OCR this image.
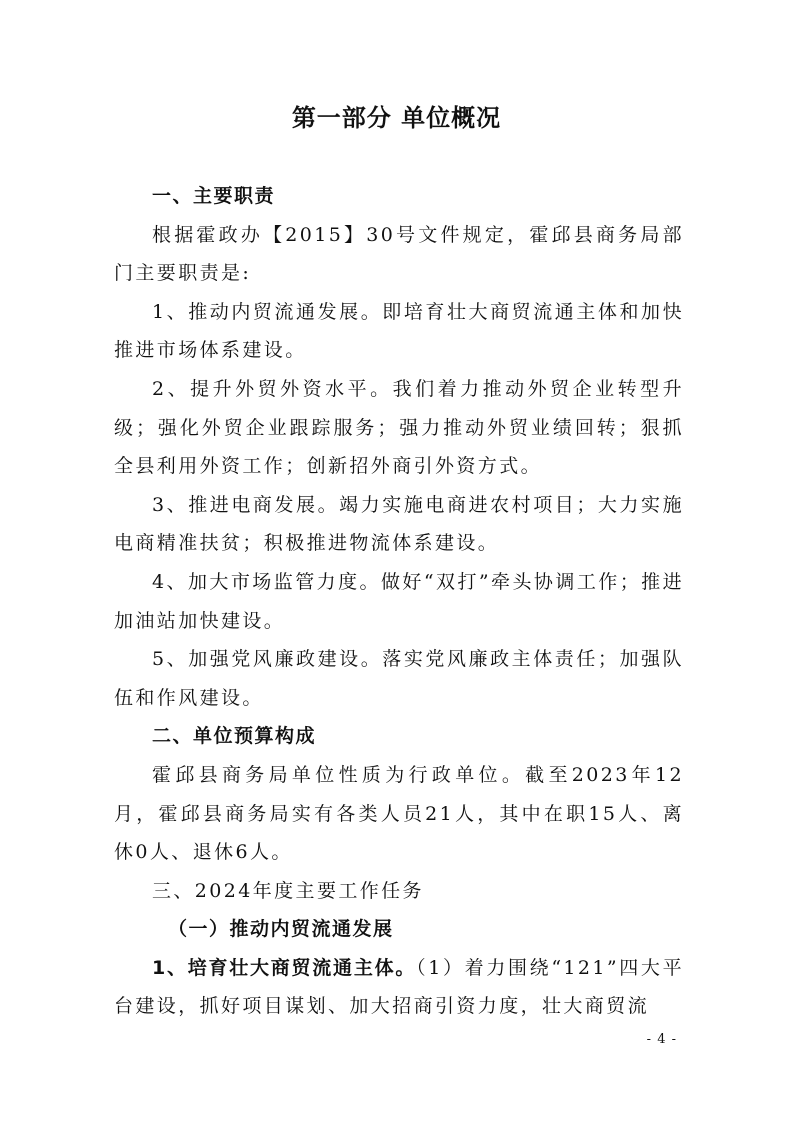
第一部分 单位概况

一、主要职责

根据霍政办【2015】30号文件规定，霍邱县商务局部门主要职责是:

1、推动内贸流通发展。即培育壮大商贸流通主体和加快推进市场体系建设。

2、提升外贸外资水平。我们着力推动外贸企业转型升级；强化外贸企业跟踪服务；强力推动外贸业绩回转；狠抓全县利用外资工作；创新招外商引外资方式。

3、推进电商发展。竭力实施电商进农村项目；大力实施电商精准扶贫；积极推进物流体系建设。

4、加大市场监管力度。做好“双打”牵头协调工作；推进加油站加快建设。

5、加强党风廉政建设。落实党风廉政主体责任；加强队伍和作风建设。

二、单位预算构成

霍邱县商务局单位性质为行政单位。截至2023年12月，霍邱县商务局实有各类人员21人，其中在职15人、离休0人、退休6人。

三、2024年度主要工作任务

（一）推动内贸流通发展

1、培育壮大商贸流通主体。（1）着力围绕“121”四大平台建设，抓好项目谋划、加大招商引资力度，壮大商贸流

- 4 -
